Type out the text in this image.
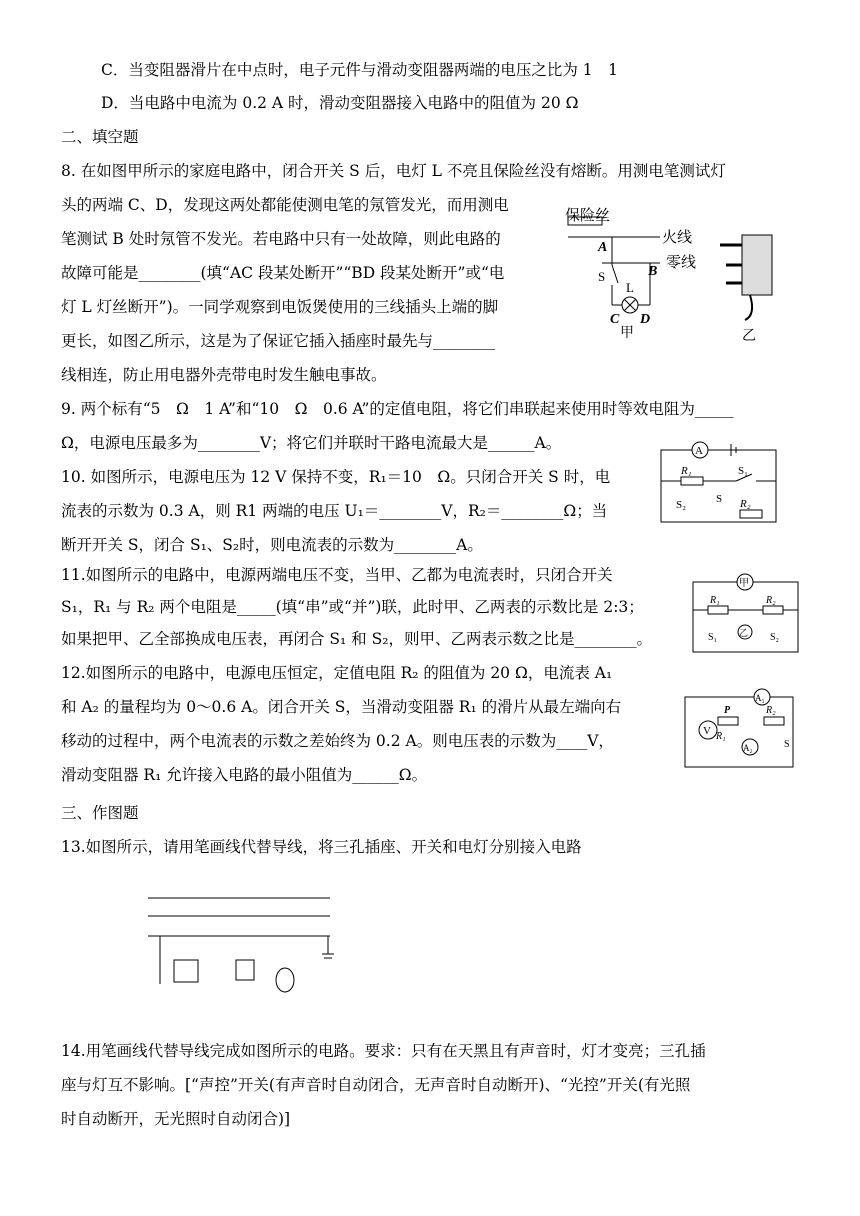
C．当变阻器滑片在中点时，电子元件与滑动变阻器两端的电压之比为 1　1
D．当电路中电流为 0.2 A 时，滑动变阻器接入电路中的阻值为 20 Ω
二、填空题
8. 在如图甲所示的家庭电路中，闭合开关 S 后，电灯 L 不亮且保险丝没有熔断。用测电笔测试灯
头的两端 C、D，发现这两处都能使测电笔的氖管发光，而用测电
笔测试 B 处时氖管不发光。若电路中只有一处故障，则此电路的
故障可能是________(填“AC 段某处断开”“BD 段某处断开”或“电
灯 L 灯丝断开”)。一同学观察到电饭煲使用的三线插头上端的脚
更长，如图乙所示，这是为了保证它插入插座时最先与________
线相连，防止用电器外壳带电时发生触电事故。
9. 两个标有“5　Ω　1 A”和“10　Ω　0.6 A”的定值电阻，将它们串联起来使用时等效电阻为_____
Ω，电源电压最多为________V；将它们并联时干路电流最大是______A。
10. 如图所示，电源电压为 12 V 保持不变，R₁＝10　Ω。只闭合开关 S 时，电
流表的示数为 0.3 A，则 R1 两端的电压 U₁＝________V，R₂＝________Ω；当
断开开关 S，闭合 S₁、S₂时，则电流表的示数为________A。
11.如图所示的电路中，电源两端电压不变，当甲、乙都为电流表时，只闭合开关
S₁，R₁ 与 R₂ 两个电阻是_____(填“串”或“并”)联，此时甲、乙两表的示数比是 2:3；
如果把甲、乙全部换成电压表，再闭合 S₁ 和 S₂，则甲、乙两表示数之比是________。
12.如图所示的电路中，电源电压恒定，定值电阻 R₂ 的阻值为 20 Ω，电流表 A₁
和 A₂ 的量程均为 0～0.6 A。闭合开关 S，当滑动变阻器 R₁ 的滑片从最左端向右
移动的过程中，两个电流表的示数之差始终为 0.2 A。则电压表的示数为____V，
滑动变阻器 R₁ 允许接入电路的最小阻值为______Ω。
三、作图题
13.如图所示，请用笔画线代替导线，将三孔插座、开关和电灯分别接入电路
14.用笔画线代替导线完成如图所示的电路。要求：只有在天黑且有声音时，灯才变亮；三孔插
座与灯互不影响。[“声控”开关(有声音时自动闭合，无声音时自动断开)、“光控”开关(有光照
时自动断开，无光照时自动闭合)]
保险丝
火线
零线
A
B
S
L
C D
甲	乙
A
R₁	S₁
R₂
S
S₂
甲
R₁	R₂
乙
S₁	S₂
V
A₁
P
R₁
R₂
A₂	S
